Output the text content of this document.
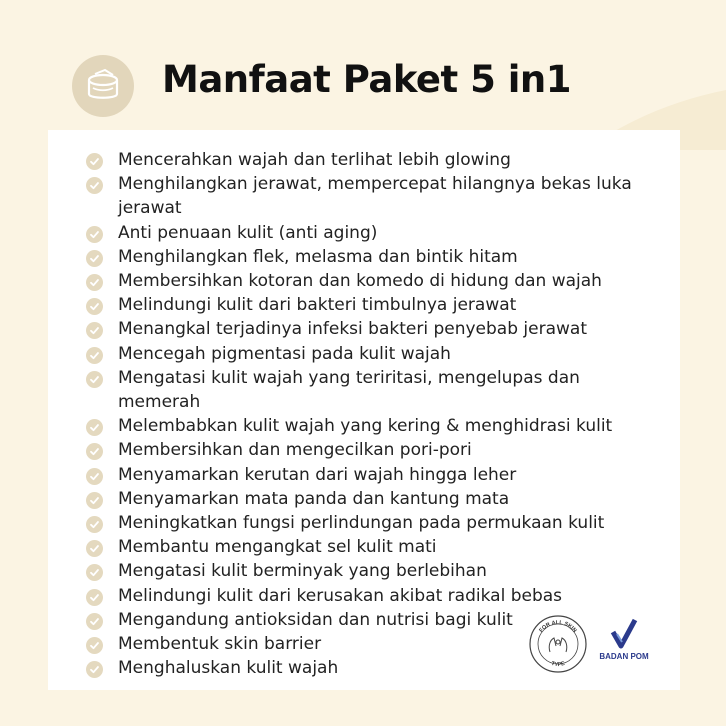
Manfaat Paket 5 in1
Mencerahkan wajah dan terlihat lebih glowing
Menghilangkan jerawat, mempercepat hilangnya bekas luka jerawat
Anti penuaan kulit (anti aging)
Menghilangkan flek, melasma dan bintik hitam
Membersihkan kotoran dan komedo di hidung dan wajah
Melindungi kulit dari bakteri timbulnya jerawat
Menangkal terjadinya infeksi bakteri penyebab jerawat
Mencegah pigmentasi pada kulit wajah
Mengatasi kulit wajah yang teriritasi, mengelupas dan memerah
Melembabkan kulit wajah yang kering & menghidrasi kulit
Membersihkan dan mengecilkan pori-pori
Menyamarkan kerutan dari wajah hingga leher
Menyamarkan mata panda dan kantung mata
Meningkatkan fungsi perlindungan pada permukaan kulit
Membantu mengangkat sel kulit mati
Mengatasi kulit berminyak yang berlebihan
Melindungi kulit dari kerusakan akibat radikal bebas
Mengandung antioksidan dan nutrisi bagi kulit
Membentuk skin barrier
Menghaluskan kulit wajah
FOR ALL SKIN
TYPE
BADAN POM
